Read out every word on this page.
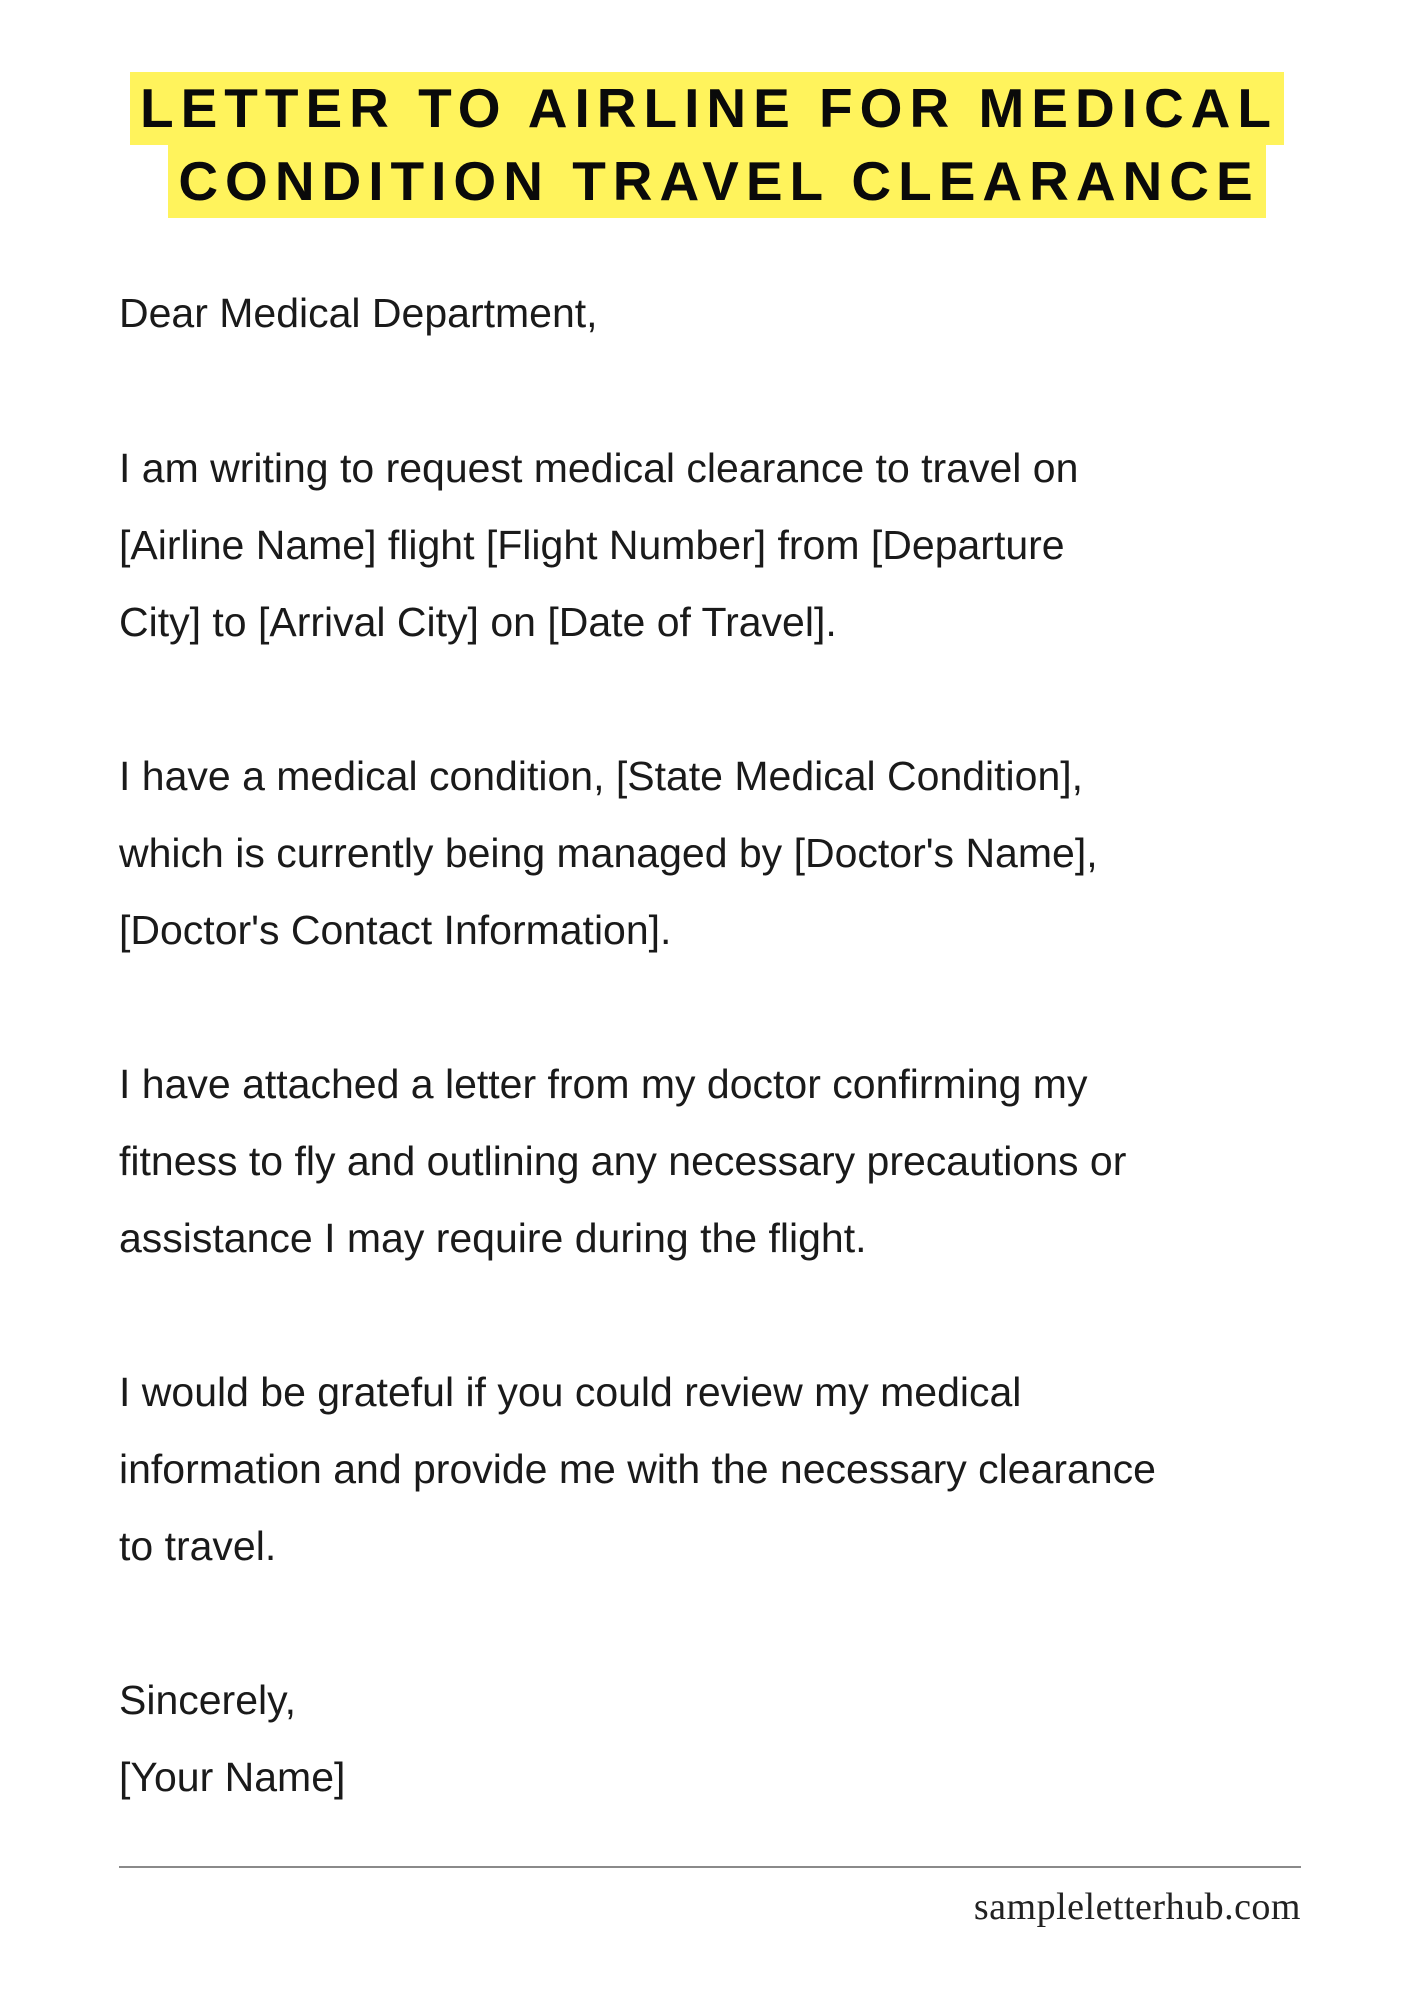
LETTER TO AIRLINE FOR MEDICAL
CONDITION TRAVEL CLEARANCE

Dear Medical Department,

I am writing to request medical clearance to travel on
[Airline Name] flight [Flight Number] from [Departure
City] to [Arrival City] on [Date of Travel].

I have a medical condition, [State Medical Condition],
which is currently being managed by [Doctor's Name],
[Doctor's Contact Information].

I have attached a letter from my doctor confirming my
fitness to fly and outlining any necessary precautions or
assistance I may require during the flight.

I would be grateful if you could review my medical
information and provide me with the necessary clearance
to travel.

Sincerely,
[Your Name]

sampleletterhub.com
